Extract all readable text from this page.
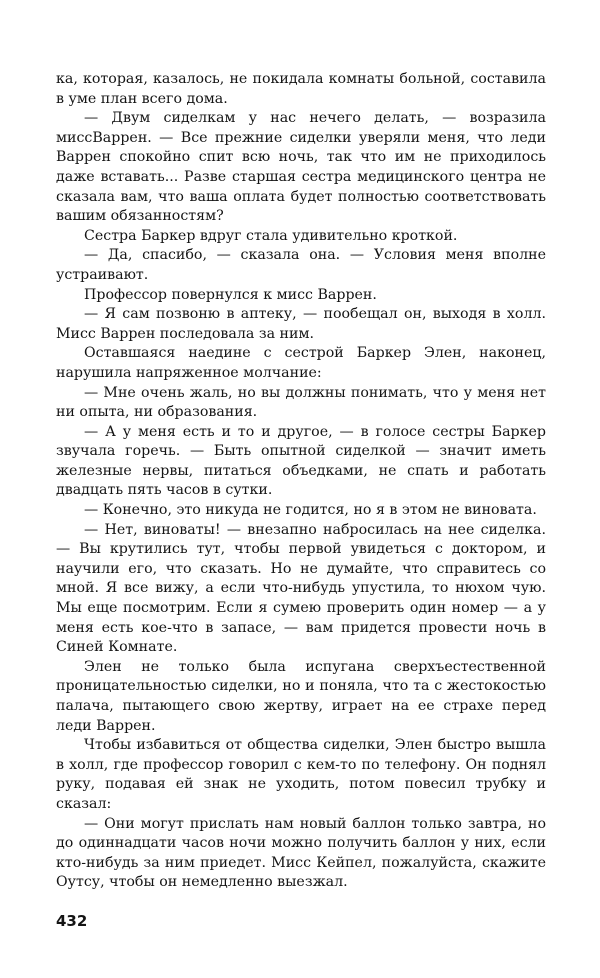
ка, которая, казалось, не покидала комнаты больной, составила в уме план всего дома.

— Двум сиделкам у нас нечего делать, — возразила миссВаррен. — Все прежние сиделки уверяли меня, что леди Варрен спокойно спит всю ночь, так что им не приходилось даже вставать... Разве старшая сестра медицинского центра не сказала вам, что ваша оплата будет полностью соответствовать вашим обязанностям?

Сестра Баркер вдруг стала удивительно кроткой.

— Да, спасибо, — сказала она. — Условия меня вполне устраивают.

Профессор повернулся к мисс Варрен.

— Я сам позвоню в аптеку, — пообещал он, выходя в холл. Мисс Варрен последовала за ним.

Оставшаяся наедине с сестрой Баркер Элен, наконец, нарушила напряженное молчание:

— Мне очень жаль, но вы должны понимать, что у меня нет ни опыта, ни образования.

— А у меня есть и то и другое, — в голосе сестры Баркер звучала горечь. — Быть опытной сиделкой — значит иметь железные нервы, питаться объедками, не спать и работать двадцать пять часов в сутки.

— Конечно, это никуда не годится, но я в этом не виновата.

— Нет, виноваты! — внезапно набросилась на нее сиделка. — Вы крутились тут, чтобы первой увидеться с доктором, и научили его, что сказать. Но не думайте, что справитесь со мной. Я все вижу, а если что-нибудь упустила, то нюхом чую. Мы еще посмотрим. Если я сумею проверить один номер — а у меня есть кое-что в запасе, — вам придется провести ночь в Синей Комнате.

Элен не только была испугана сверхъестественной проницательностью сиделки, но и поняла, что та с жестокостью палача, пытающего свою жертву, играет на ее страхе перед леди Варрен.

Чтобы избавиться от общества сиделки, Элен быстро вышла в холл, где профессор говорил с кем-то по телефону. Он поднял руку, подавая ей знак не уходить, потом повесил трубку и сказал:

— Они могут прислать нам новый баллон только завтра, но до одиннадцати часов ночи можно получить баллон у них, если кто-нибудь за ним приедет. Мисс Кейпел, пожалуйста, скажите Оутсу, чтобы он немедленно выезжал.

432
